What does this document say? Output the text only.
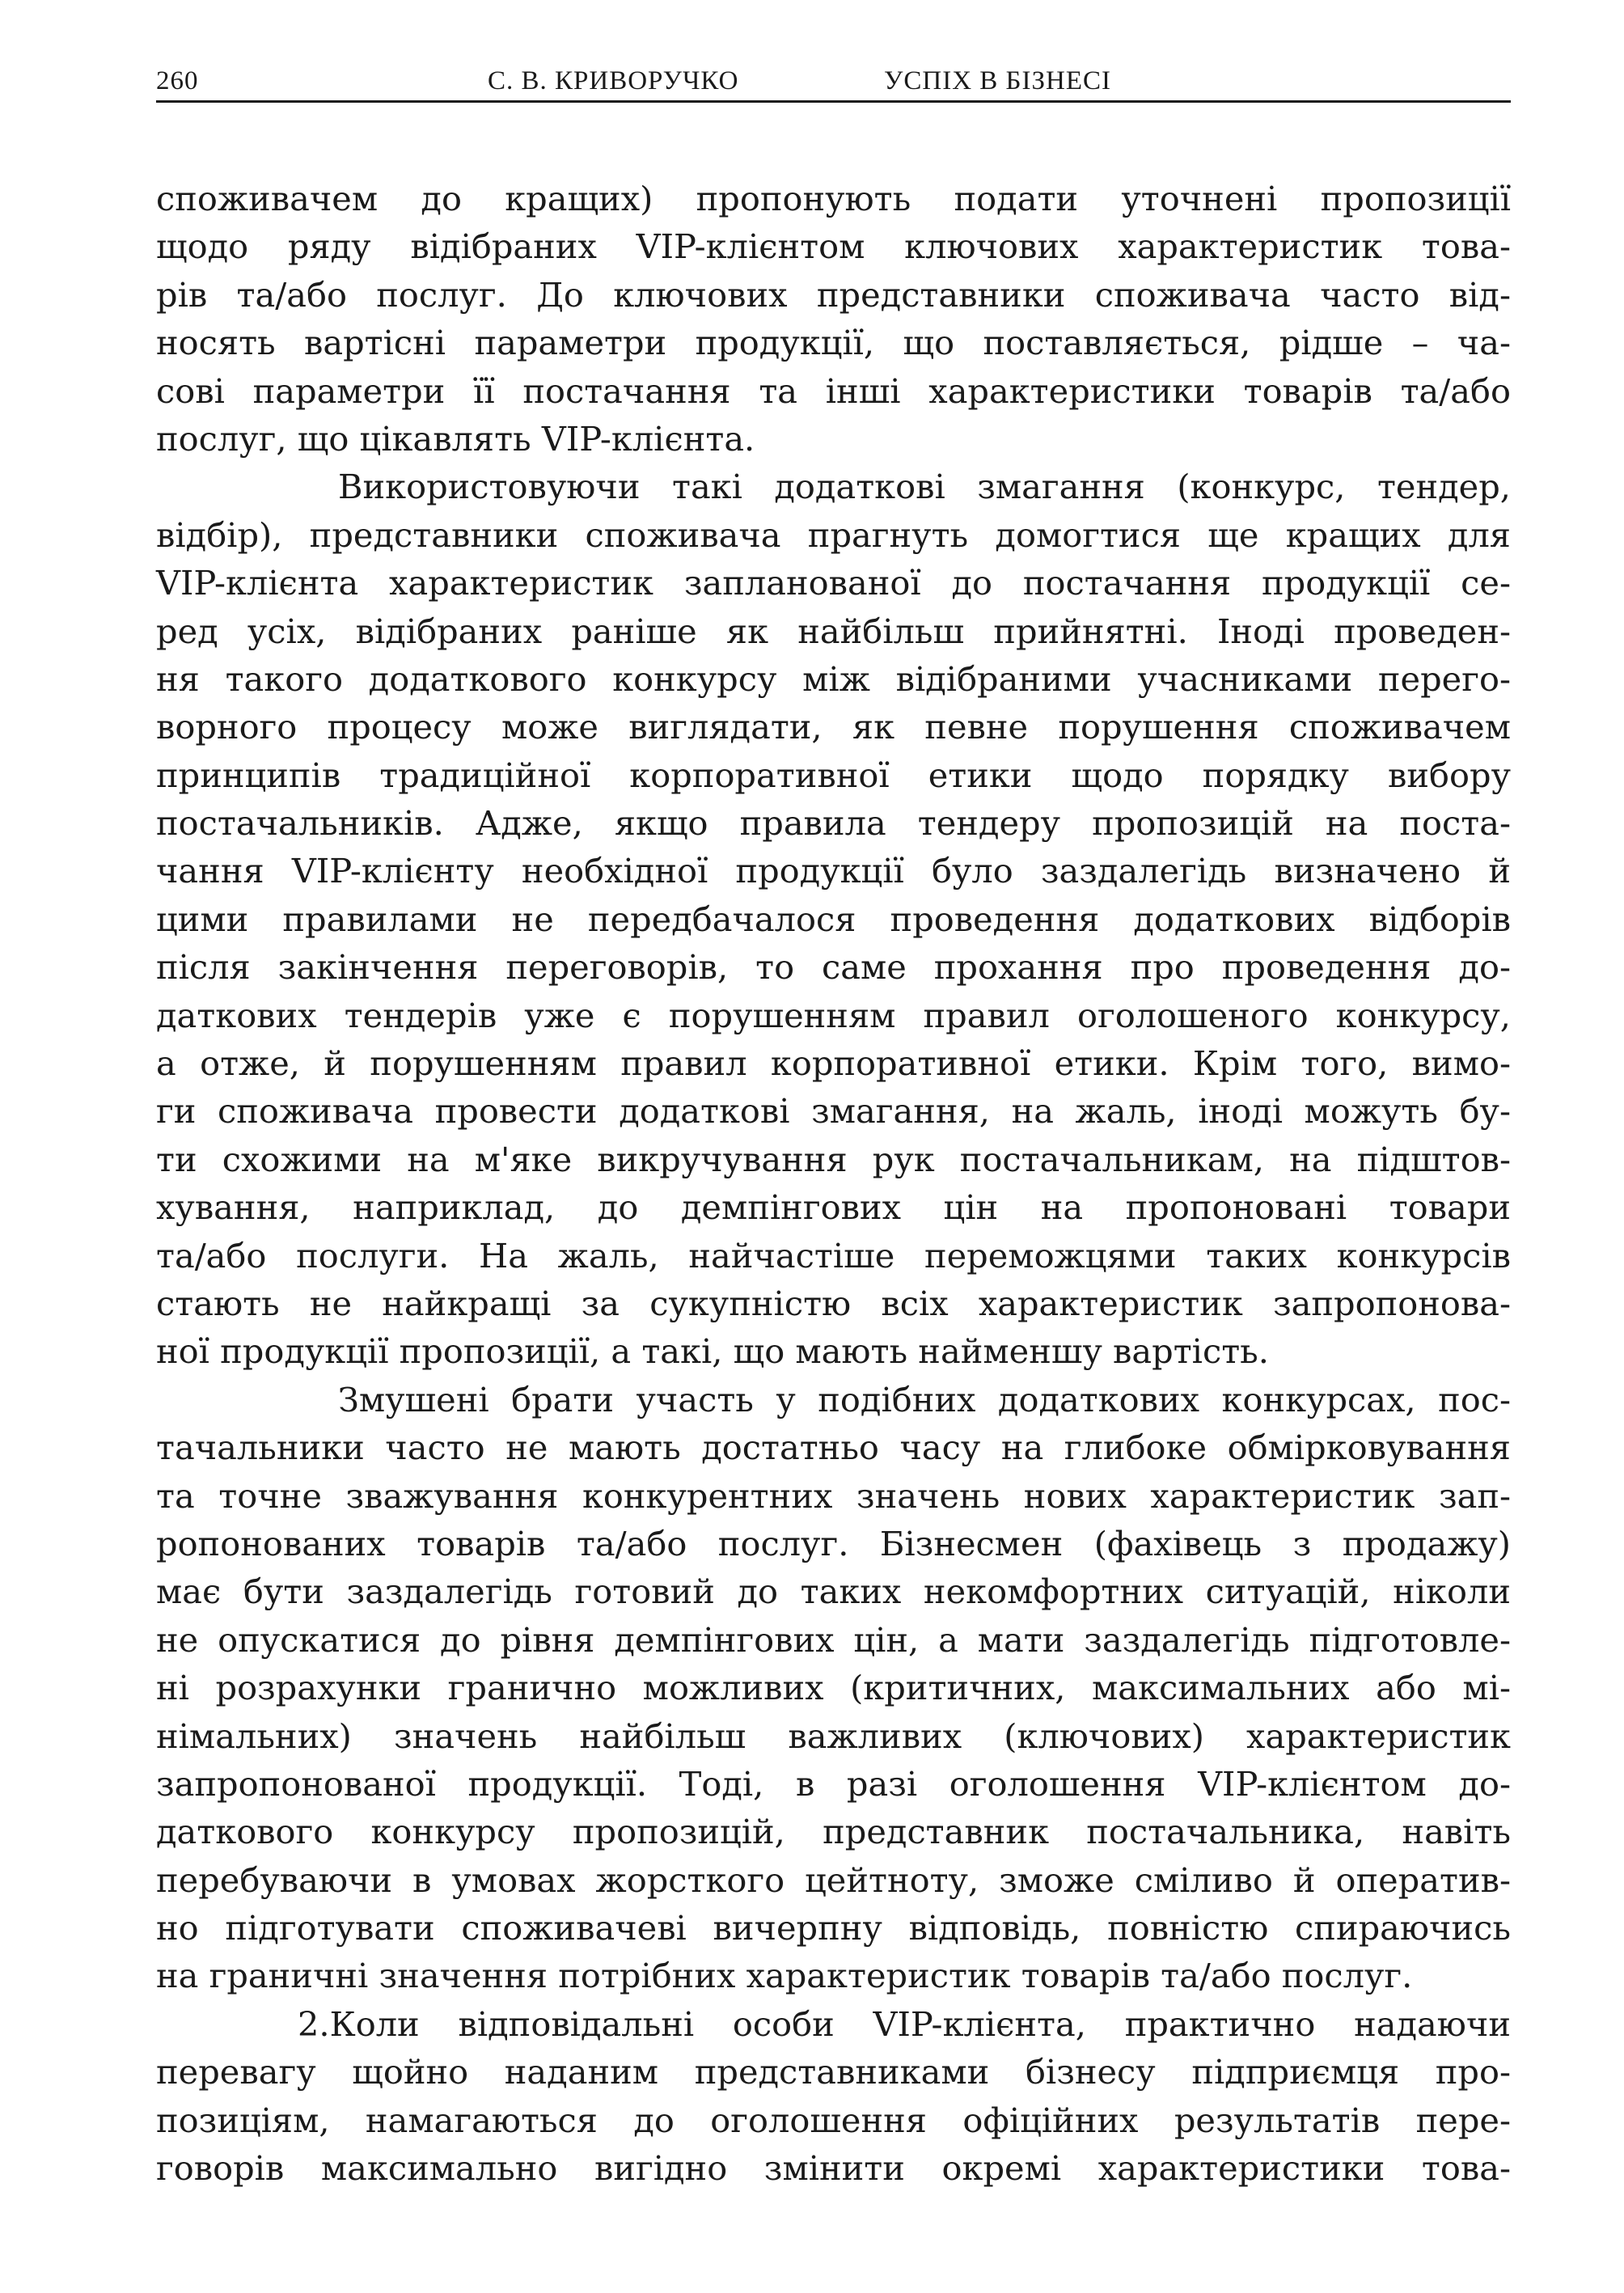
260	С. В. КРИВОРУЧКО	УСПІХ В БІЗНЕСІ
споживачем до кращих) пропонують подати уточнені пропозиції
щодо ряду відібраних VIP-клієнтом ключових характеристик това-
рів та/або послуг. До ключових представники споживача часто від-
носять вартісні параметри продукції, що поставляється, рідше – ча-
сові параметри її постачання та інші характеристики товарів та/або
послуг, що цікавлять VIP-клієнта.
Використовуючи такі додаткові змагання (конкурс, тендер,
відбір), представники споживача прагнуть домогтися ще кращих для
VIP-клієнта характеристик запланованої до постачання продукції се-
ред усіх, відібраних раніше як найбільш прийнятні. Іноді проведен-
ня такого додаткового конкурсу між відібраними учасниками перего-
ворного процесу може виглядати, як певне порушення споживачем
принципів традиційної корпоративної етики щодо порядку вибору
постачальників. Адже, якщо правила тендеру пропозицій на поста-
чання VIP-клієнту необхідної продукції було заздалегідь визначено й
цими правилами не передбачалося проведення додаткових відборів
після закінчення переговорів, то саме прохання про проведення до-
даткових тендерів уже є порушенням правил оголошеного конкурсу,
а отже, й порушенням правил корпоративної етики. Крім того, вимо-
ги споживача провести додаткові змагання, на жаль, іноді можуть бу-
ти схожими на м'яке викручування рук постачальникам, на підштов-
хування, наприклад, до демпінгових цін на пропоновані товари
та/або послуги. На жаль, найчастіше переможцями таких конкурсів
стають не найкращі за сукупністю всіх характеристик запропонова-
ної продукції пропозиції, а такі, що мають найменшу вартість.
Змушені брати участь у подібних додаткових конкурсах, пос-
тачальники часто не мають достатньо часу на глибоке обмірковування
та точне зважування конкурентних значень нових характеристик зап-
ропонованих товарів та/або послуг. Бізнесмен (фахівець з продажу)
має бути заздалегідь готовий до таких некомфортних ситуацій, ніколи
не опускатися до рівня демпінгових цін, а мати заздалегідь підготовле-
ні розрахунки гранично можливих (критичних, максимальних або мі-
німальних) значень найбільш важливих (ключових) характеристик
запропонованої продукції. Тоді, в разі оголошення VIP-клієнтом до-
даткового конкурсу пропозицій, представник постачальника, навіть
перебуваючи в умовах жорсткого цейтноту, зможе сміливо й оператив-
но підготувати споживачеві вичерпну відповідь, повністю спираючись
на граничні значення потрібних характеристик товарів та/або послуг.
2.Коли відповідальні особи VIP-клієнта, практично надаючи
перевагу щойно наданим представниками бізнесу підприємця про-
позиціям, намагаються до оголошення офіційних результатів пере-
говорів максимально вигідно змінити окремі характеристики това-
